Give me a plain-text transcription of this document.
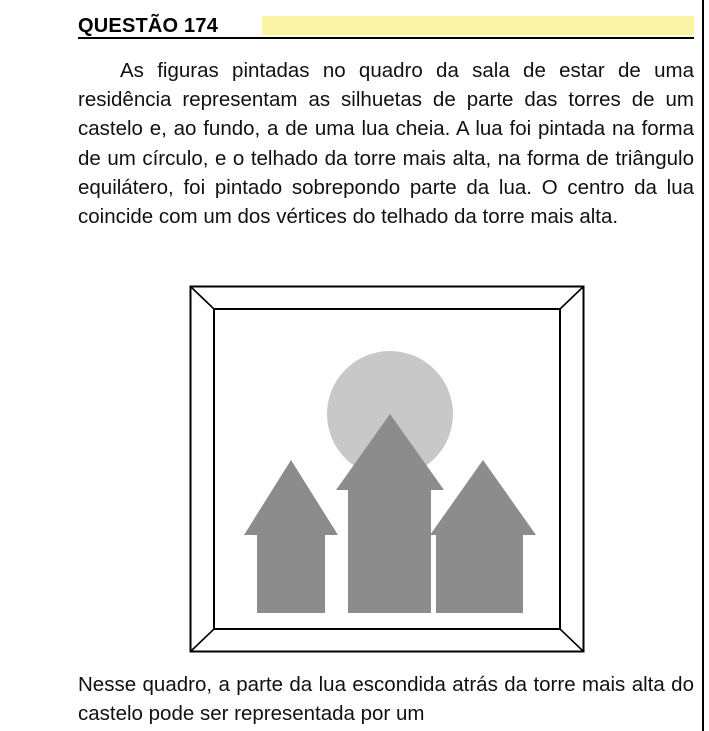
QUESTÃO 174

As figuras pintadas no quadro da sala de estar de uma residência representam as silhuetas de parte das torres de um castelo e, ao fundo, a de uma lua cheia. A lua foi pintada na forma de um círculo, e o telhado da torre mais alta, na forma de triângulo equilátero, foi pintado sobrepondo parte da lua. O centro da lua coincide com um dos vértices do telhado da torre mais alta.

Nesse quadro, a parte da lua escondida atrás da torre mais alta do castelo pode ser representada por um
